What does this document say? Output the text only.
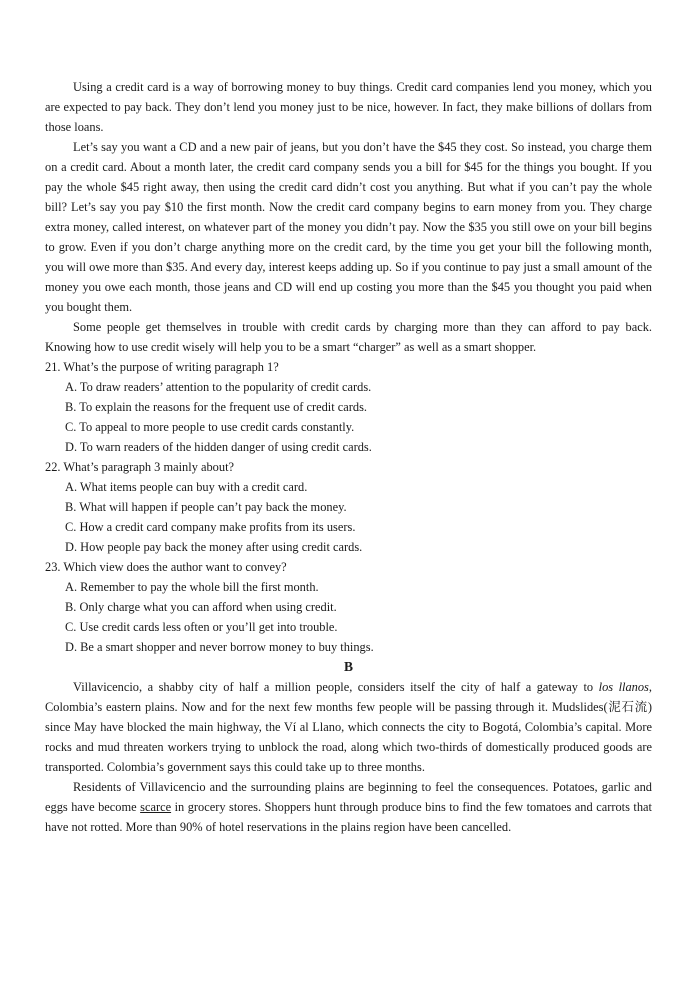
Using a credit card is a way of borrowing money to buy things. Credit card companies lend you money, which you are expected to pay back. They don’t lend you money just to be nice, however. In fact, they make billions of dollars from those loans.

Let’s say you want a CD and a new pair of jeans, but you don’t have the $45 they cost. So instead, you charge them on a credit card. About a month later, the credit card company sends you a bill for $45 for the things you bought. If you pay the whole $45 right away, then using the credit card didn’t cost you anything. But what if you can’t pay the whole bill? Let’s say you pay $10 the first month. Now the credit card company begins to earn money from you. They charge extra money, called interest, on whatever part of the money you didn’t pay. Now the $35 you still owe on your bill begins to grow. Even if you don’t charge anything more on the credit card, by the time you get your bill the following month, you will owe more than $35. And every day, interest keeps adding up. So if you continue to pay just a small amount of the money you owe each month, those jeans and CD will end up costing you more than the $45 you thought you paid when you bought them.

Some people get themselves in trouble with credit cards by charging more than they can afford to pay back. Knowing how to use credit wisely will help you to be a smart “charger” as well as a smart shopper.

21. What’s the purpose of writing paragraph 1?

A. To draw readers’ attention to the popularity of credit cards.

B. To explain the reasons for the frequent use of credit cards.

C. To appeal to more people to use credit cards constantly.

D. To warn readers of the hidden danger of using credit cards.

22. What’s paragraph 3 mainly about?

A. What items people can buy with a credit card.

B. What will happen if people can’t pay back the money.

C. How a credit card company make profits from its users.

D. How people pay back the money after using credit cards.

23. Which view does the author want to convey?

A. Remember to pay the whole bill the first month.

B. Only charge what you can afford when using credit.

C. Use credit cards less often or you’ll get into trouble.

D. Be a smart shopper and never borrow money to buy things.

B

Villavicencio, a shabby city of half a million people, considers itself the city of half a gateway to los llanos, Colombia’s eastern plains. Now and for the next few months few people will be passing through it. Mudslides(泥石流) since May have blocked the main highway, the Ví al Llano, which connects the city to Bogotá, Colombia’s capital. More rocks and mud threaten workers trying to unblock the road, along which two-thirds of domestically produced goods are transported. Colombia’s government says this could take up to three months.

Residents of Villavicencio and the surrounding plains are beginning to feel the consequences. Potatoes, garlic and eggs have become scarce in grocery stores. Shoppers hunt through produce bins to find the few tomatoes and carrots that have not rotted. More than 90% of hotel reservations in the plains region have been cancelled.
